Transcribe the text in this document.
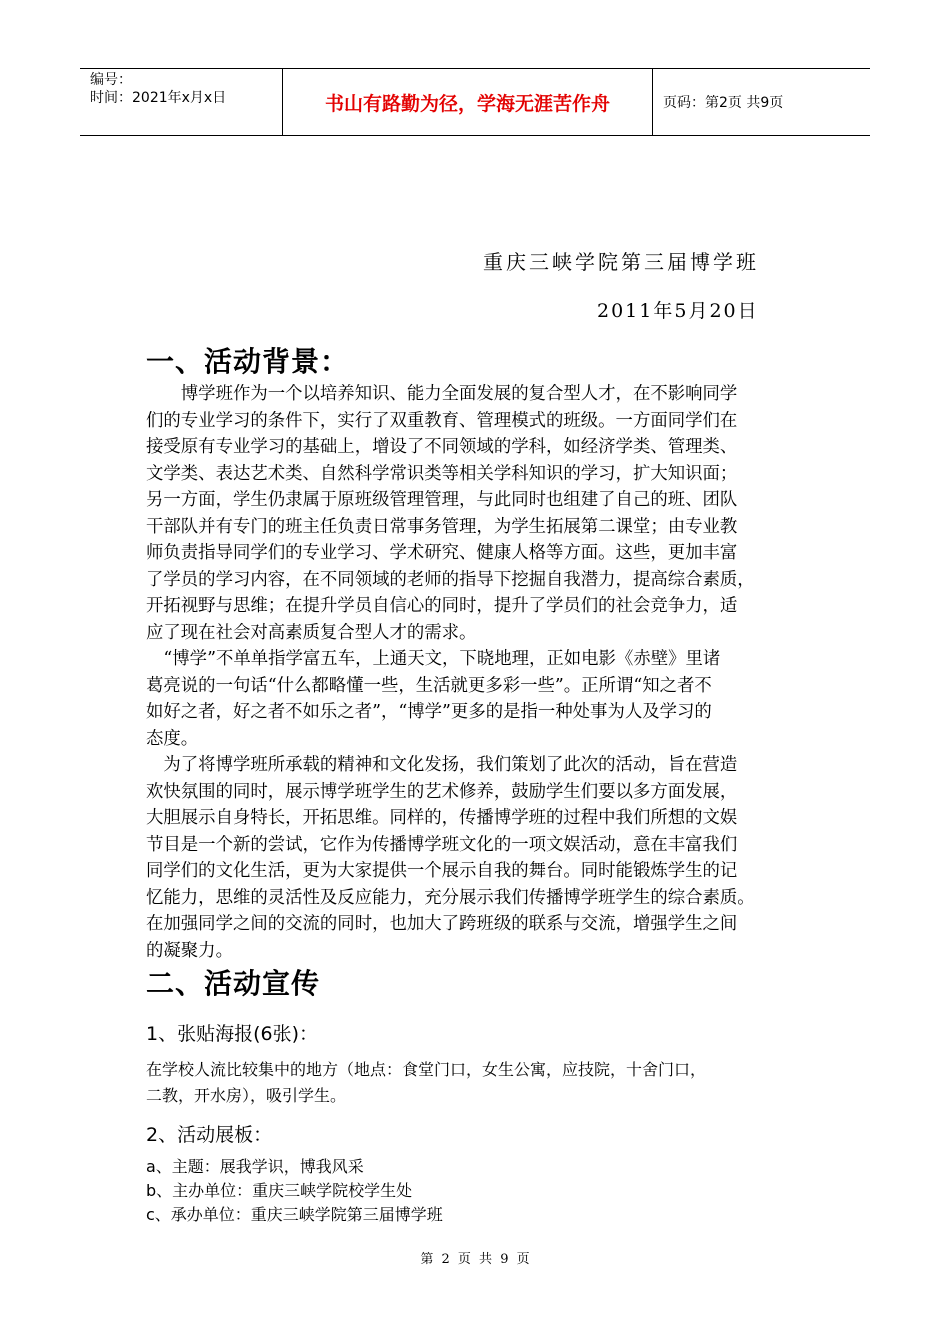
编号：
时间：2021年x月x日	书山有路勤为径，学海无涯苦作舟	页码：第2页 共9页
重庆三峡学院第三届博学班
2011年5月20日
一、活动背景：

　　博学班作为一个以培养知识、能力全面发展的复合型人才，在不影响同学

们的专业学习的条件下，实行了双重教育、管理模式的班级。一方面同学们在

接受原有专业学习的基础上，增设了不同领域的学科，如经济学类、管理类、

文学类、表达艺术类、自然科学常识类等相关学科知识的学习，扩大知识面；

另一方面，学生仍隶属于原班级管理管理，与此同时也组建了自己的班、团队

干部队并有专门的班主任负责日常事务管理，为学生拓展第二课堂；由专业教

师负责指导同学们的专业学习、学术研究、健康人格等方面。这些，更加丰富

了学员的学习内容，在不同领域的老师的指导下挖掘自我潜力，提高综合素质，

开拓视野与思维；在提升学员自信心的同时，提升了学员们的社会竞争力，适

应了现在社会对高素质复合型人才的需求。

　“博学”不单单指学富五车，上通天文，下晓地理，正如电影《赤壁》里诸

葛亮说的一句话“什么都略懂一些，生活就更多彩一些”。正所谓“知之者不

如好之者，好之者不如乐之者”，“博学”更多的是指一种处事为人及学习的

态度。

　为了将博学班所承载的精神和文化发扬，我们策划了此次的活动，旨在营造

欢快氛围的同时，展示博学班学生的艺术修养，鼓励学生们要以多方面发展，

大胆展示自身特长，开拓思维。同样的，传播博学班的过程中我们所想的文娱

节目是一个新的尝试，它作为传播博学班文化的一项文娱活动，意在丰富我们

同学们的文化生活，更为大家提供一个展示自我的舞台。同时能锻炼学生的记

忆能力，思维的灵活性及反应能力，充分展示我们传播博学班学生的综合素质。

在加强同学之间的交流的同时，也加大了跨班级的联系与交流，增强学生之间

的凝聚力。

二、活动宣传
1、张贴海报(6张)：

在学校人流比较集中的地方（地点：食堂门口，女生公寓，应技院，十舍门口，

二教，开水房），吸引学生。

2、活动展板：

a、主题：展我学识，博我风采

b、主办单位：重庆三峡学院校学生处

c、承办单位：重庆三峡学院第三届博学班

第 2 页 共 9 页
